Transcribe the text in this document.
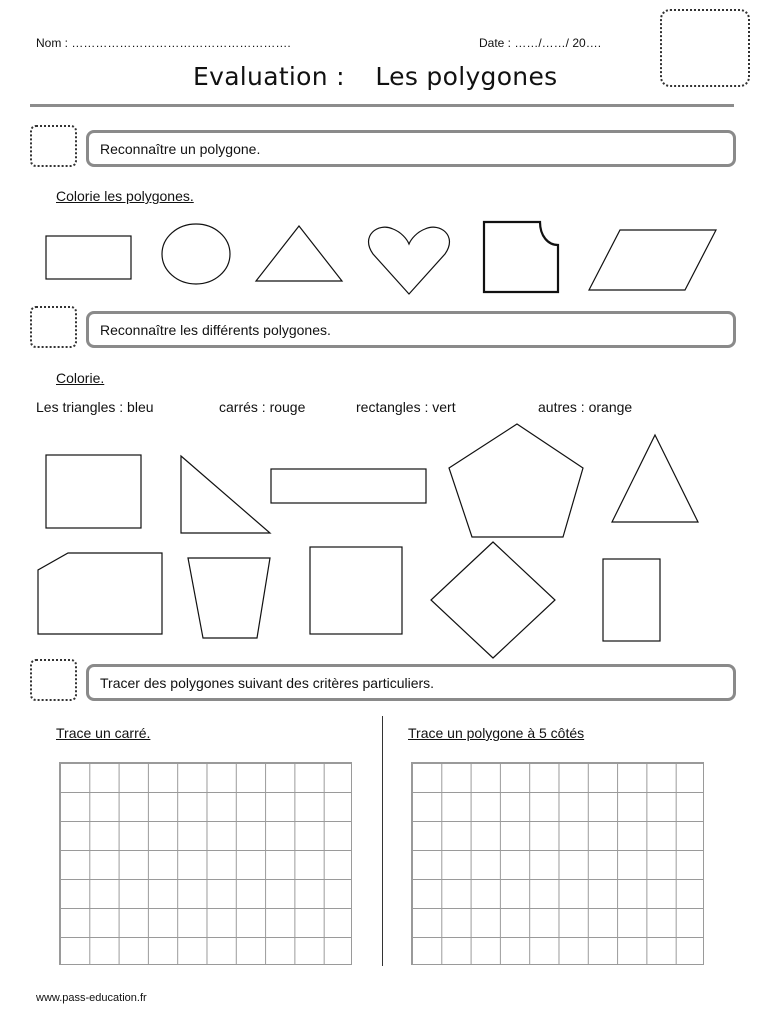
Nom : ……………………………………………….	Date : ……/……/ 20….
Evaluation : Les polygones
Reconnaître un polygone.
Colorie les polygones.
Reconnaître les différents polygones.
Colorie.
Les triangles : bleu	carrés : rouge	rectangles : vert	autres : orange
Tracer des polygones suivant des critères particuliers.
Trace un carré.	Trace un polygone à 5 côtés
www.pass-education.fr
